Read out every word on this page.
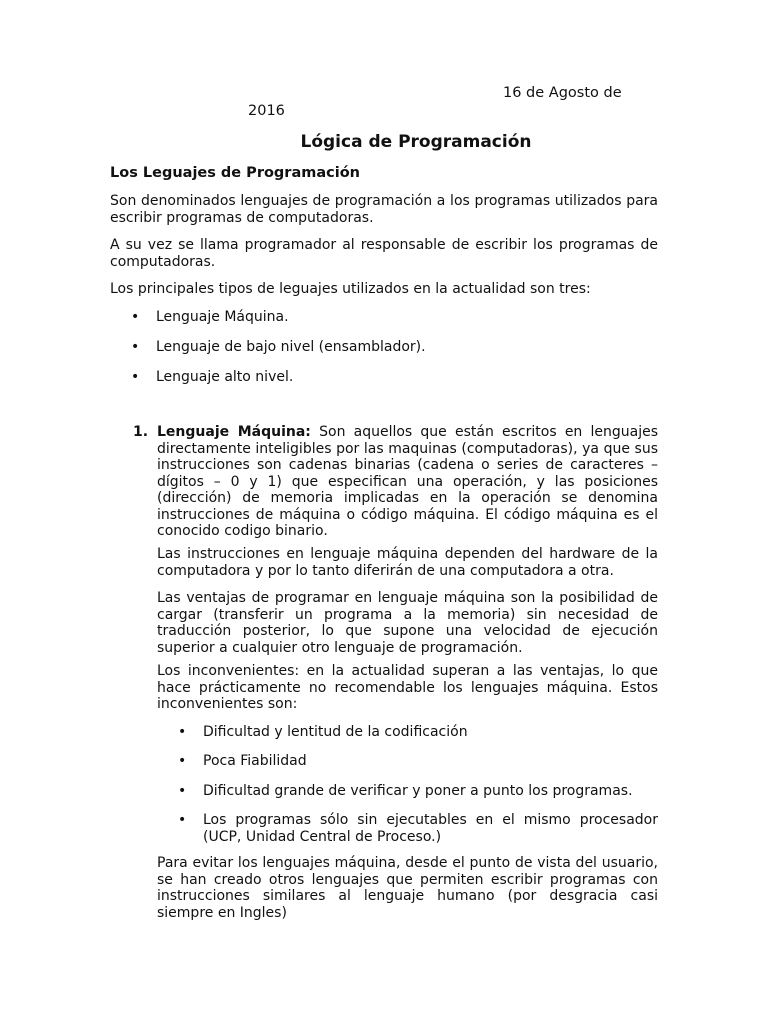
16 de Agosto de
2016
Lógica de Programación
Los Leguajes de Programación
Son denominados lenguajes de programación a los programas utilizados para escribir programas de computadoras.
A su vez se llama programador al responsable de escribir los programas de computadoras.
Los principales tipos de leguajes utilizados en la actualidad son tres:
• Lenguaje Máquina.
• Lenguaje de bajo nivel (ensamblador).
• Lenguaje alto nivel.
1. Lenguaje Máquina: Son aquellos que están escritos en lenguajes directamente inteligibles por las maquinas (computadoras), ya que sus instrucciones son cadenas binarias (cadena o series de caracteres – dígitos – 0 y 1) que especifican una operación, y las posiciones (dirección) de memoria implicadas en la operación se denomina instrucciones de máquina o código máquina. El código máquina es el conocido codigo binario.
Las instrucciones en lenguaje máquina dependen del hardware de la computadora y por lo tanto diferirán de una computadora a otra.
Las ventajas de programar en lenguaje máquina son la posibilidad de cargar (transferir un programa a la memoria) sin necesidad de traducción posterior, lo que supone una velocidad de ejecución superior a cualquier otro lenguaje de programación.
Los inconvenientes: en la actualidad superan a las ventajas, lo que hace prácticamente no recomendable los lenguajes máquina. Estos inconvenientes son:
• Dificultad y lentitud de la codificación
• Poca Fiabilidad
• Dificultad grande de verificar y poner a punto los programas.
• Los programas sólo sin ejecutables en el mismo procesador (UCP, Unidad Central de Proceso.)
Para evitar los lenguajes máquina, desde el punto de vista del usuario, se han creado otros lenguajes que permiten escribir programas con instrucciones similares al lenguaje humano (por desgracia casi siempre en Ingles)
